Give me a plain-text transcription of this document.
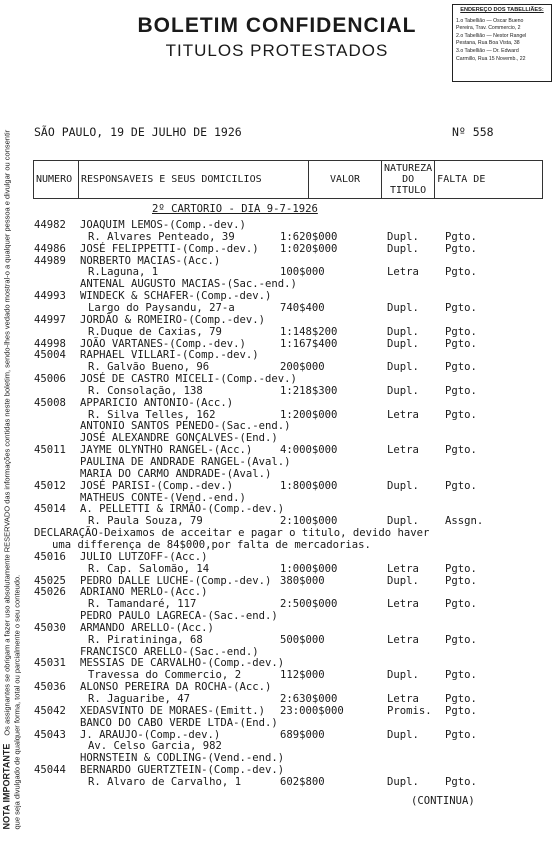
BOLETIM CONFIDENCIAL
TITULOS PROTESTADOS
ENDEREÇO DOS TABELLIÃES:
1.o Tabellião — Oscar Bueno
Pereira, Trav. Commercio, 2
2.o Tabellião — Nestor Rangel
Pestana, Rua Boa Vista, 38
3.o Tabellião — Dr. Edward
Carmillo, Rua 15 Novemb., 22
NOTA IMPORTANTEOs assignantes se obrigam a fazer uso absolutamente RESERVADO das informações contidas neste boletim, sendo-lhes vedado mostral-o a qualquer pessoa e divulgar ou consentir que seja divulgado de qualquer forma, total ou parcialmente o seu conteudo.
SÃO PAULO, 19 DE JULHO DE 1926	Nº 558
NUMERO	RESPONSAVEIS E SEUS DOMICILIOS	VALOR	NATUREZA DO TITULO	FALTA DE
2º CARTORIO - DIA 9-7-1926
44982 JOAQUIM LEMOS-(Comp.-dev.)
R. Alvares Penteado, 39	1:620$000	Dupl. Pgto.
44986 JOSÉ FELIPPETTI-(Comp.-dev.) 1:020$000	Dupl. Pgto.
44989 NORBERTO MACIAS-(Acc.)
R.Laguna, 1	100$000	Letra Pgto.
ANTENAL AUGUSTO MACIAS-(Sac.-end.)
44993 WINDECK & SCHAFER-(Comp.-dev.)
Largo do Paysandu, 27-a	740$400	Dupl. Pgto.
44997 JORDÃO & ROMEIRO-(Comp.-dev.)
R.Duque de Caxias, 79	1:148$200	Dupl. Pgto.
44998 JOÃO VARTANES-(Comp.-dev.)	1:167$400	Dupl. Pgto.
45004 RAPHAEL VILLARI-(Comp.-dev.)
R. Galvão Bueno, 96	200$000	Dupl. Pgto.
45006 JOSÉ DE CASTRO MICELI-(Comp.-dev.)
R. Consolação, 138	1:218$300	Dupl. Pgto.
45008 APPARICIO ANTONIO-(Acc.)
R. Silva Telles, 162	1:200$000	Letra Pgto.
ANTONIO SANTOS PENEDO-(Sac.-end.)
JOSÉ ALEXANDRE GONÇALVES-(End.)
45011 JAYME OLYNTHO RANGEL-(Acc.)	4:000$000	Letra Pgto.
PAULINA DE ANDRADE RANGEL-(Aval.)
MARIA DO CARMO ANDRADE-(Aval.)
45012 JOSÉ PARISI-(Comp.-dev.)	1:800$000	Dupl. Pgto.
MATHEUS CONTE-(Vend.-end.)
45014 A. PELLETTI & IRMÃO-(Comp.-dev.)
R. Paula Souza, 79	2:100$000	Dupl. Assgn.
DECLARAÇÃO-Deixamos de acceitar e pagar o titulo, devido haver
uma differença de 84$000,por falta de mercadorias.
45016 JULIO LUTZOFF-(Acc.)
R. Cap. Salomão, 14	1:000$000	Letra Pgto.
45025 PEDRO DALLE LUCHE-(Comp.-dev.) 380$000	Dupl. Pgto.
45026 ADRIANO MERLO-(Acc.)
R. Tamandaré, 117	2:500$000	Letra Pgto.
PEDRO PAULO LAGRECA-(Sac.-end.)
45030 ARMANDO ARELLO-(Acc.)
R. Piratininga, 68	500$000	Letra Pgto.
FRANCISCO ARELLO-(Sac.-end.)
45031 MESSIAS DE CARVALHO-(Comp.-dev.)
Travessa do Commercio, 2	112$000	Dupl. Pgto.
45036 ALONSO PEREIRA DA ROCHA-(Acc.)
R. Jaguaribe, 47	2:630$000	Letra Pgto.
45042 XEDASVINTO DE MORAES-(Emitt.) 23:000$000	Promis. Pgto.
BANCO DO CABO VERDE LTDA-(End.)
45043 J. ARAUJO-(Comp.-dev.)	689$000	Dupl. Pgto.
Av. Celso Garcia, 982
HORNSTEIN & CODLING-(Vend.-end.)
45044 BERNARDO GUERTZTEIN-(Comp.-dev.)
R. Alvaro de Carvalho, 1	602$800	Dupl. Pgto.
(CONTINUA)
